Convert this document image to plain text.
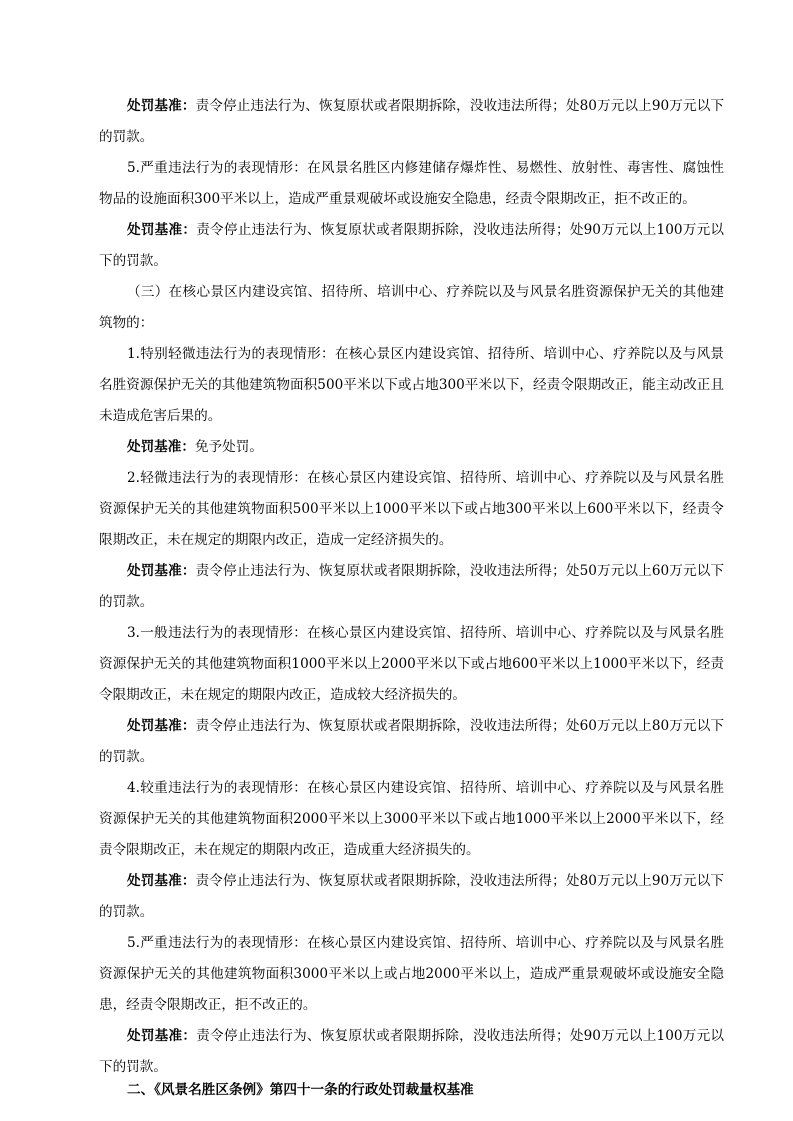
处罚基准：责令停止违法行为、恢复原状或者限期拆除，没收违法所得；处80万元以上90万元以下的罚款。

5.严重违法行为的表现情形：在风景名胜区内修建储存爆炸性、易燃性、放射性、毒害性、腐蚀性物品的设施面积300平米以上，造成严重景观破坏或设施安全隐患，经责令限期改正，拒不改正的。

处罚基准：责令停止违法行为、恢复原状或者限期拆除，没收违法所得；处90万元以上100万元以下的罚款。

（三）在核心景区内建设宾馆、招待所、培训中心、疗养院以及与风景名胜资源保护无关的其他建筑物的：

1.特别轻微违法行为的表现情形：在核心景区内建设宾馆、招待所、培训中心、疗养院以及与风景名胜资源保护无关的其他建筑物面积500平米以下或占地300平米以下，经责令限期改正，能主动改正且未造成危害后果的。

处罚基准：免予处罚。

2.轻微违法行为的表现情形：在核心景区内建设宾馆、招待所、培训中心、疗养院以及与风景名胜资源保护无关的其他建筑物面积500平米以上1000平米以下或占地300平米以上600平米以下，经责令限期改正，未在规定的期限内改正，造成一定经济损失的。

处罚基准：责令停止违法行为、恢复原状或者限期拆除，没收违法所得；处50万元以上60万元以下的罚款。

3.一般违法行为的表现情形：在核心景区内建设宾馆、招待所、培训中心、疗养院以及与风景名胜资源保护无关的其他建筑物面积1000平米以上2000平米以下或占地600平米以上1000平米以下，经责令限期改正，未在规定的期限内改正，造成较大经济损失的。

处罚基准：责令停止违法行为、恢复原状或者限期拆除，没收违法所得；处60万元以上80万元以下的罚款。

4.较重违法行为的表现情形：在核心景区内建设宾馆、招待所、培训中心、疗养院以及与风景名胜资源保护无关的其他建筑物面积2000平米以上3000平米以下或占地1000平米以上2000平米以下，经责令限期改正，未在规定的期限内改正，造成重大经济损失的。

处罚基准：责令停止违法行为、恢复原状或者限期拆除，没收违法所得；处80万元以上90万元以下的罚款。

5.严重违法行为的表现情形：在核心景区内建设宾馆、招待所、培训中心、疗养院以及与风景名胜资源保护无关的其他建筑物面积3000平米以上或占地2000平米以上，造成严重景观破坏或设施安全隐患，经责令限期改正，拒不改正的。

处罚基准：责令停止违法行为、恢复原状或者限期拆除，没收违法所得；处90万元以上100万元以下的罚款。

二、《风景名胜区条例》第四十一条的行政处罚裁量权基准
